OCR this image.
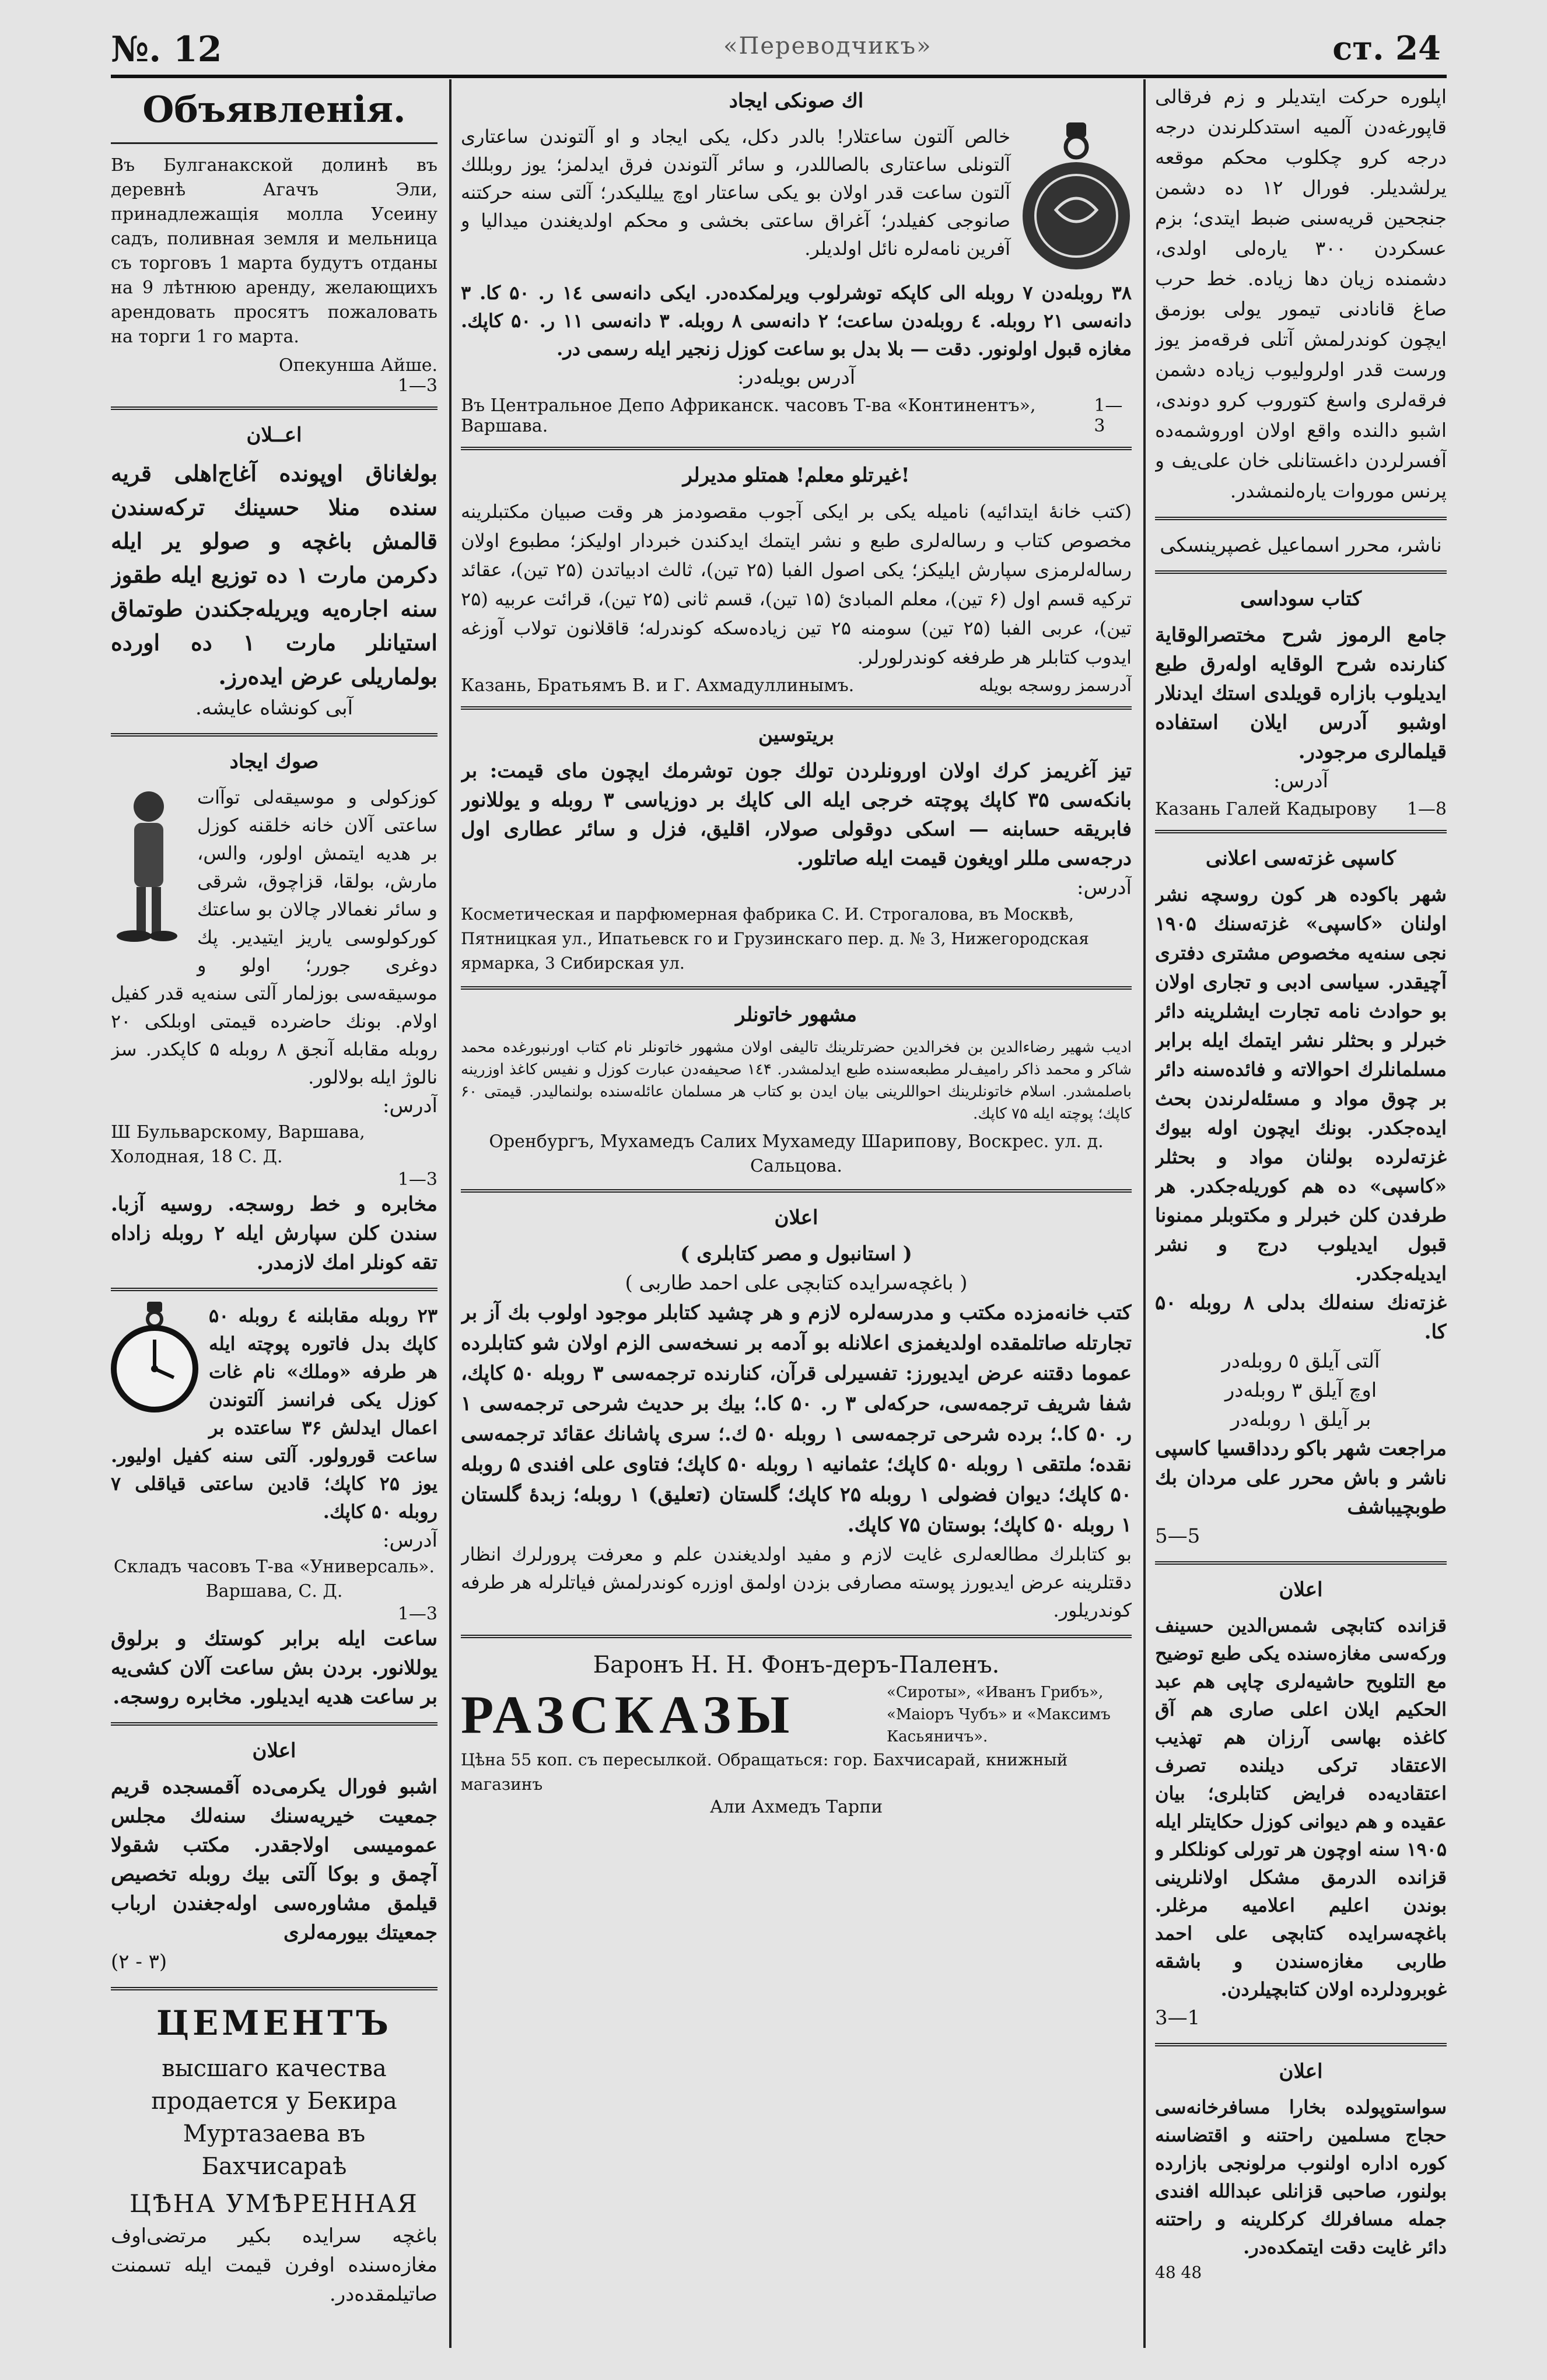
№. 12	«Переводчикъ»	ст. 24
Объявленія.
Въ Булганакской долинѣ въ деревнѣ Агачъ Эли, принадлежащія молла Усеину садъ, поливная земля и мельница съ торговъ 1 марта будутъ отданы на 9 лѣтнюю аренду, желающихъ арендовать просятъ пожаловать на торги 1 го марта.
Опекунша Айше.
1—3
اعــلان
بولغاناق اوپونده آغاج‌اهلی قریه‌ سنده منلا حسینك ترکه‌سندن قالمش باغچه و صولو یر ایله دکرمن مارت ۱ ده توزیع ایله طقوز سنه اجاره‌یه ویریله‌جکندن طوتماق استیانلر مارت ۱ ده اورده بولماریلی عرض ایده‌رز.
آبی کونشاه عایشه.
صوك ایجاد
کوزکولی و موسیقه‌لی توآات ساعتی آلان خانه خلقنه کوزل بر هدیه ایتمش اولور، والس، مارش، بولقا، قزاچوق، شرقی و سائر نغمالار چالان بو ساعتك کورکولوسی یاریز ایتیدیر. پك دوغری جورر؛ اولو و موسیقه‌سی بوزلمار آلتی سنه‌یه قدر کفیل اولام. بونك حاضرده قیمتی اوبلکی ۲۰ روبله مقابله آنجق ۸ روبله ۵ کاپکدر. سز نالوژ ایله بولالور.
آدرس:
Ш Бульварскому, Варшава, Холодная, 18 С. Д.
1—3
مخابره و خط روسجه. روسیه آزبا. سندن کلن سپارش ایله ۲ روبله زاداه تقه کونلر امك لازمدر.
۲۳ روبله مقابلنه ٤ روبله ۵۰ کاپك بدل فاتوره پوچته ایله هر طرفه «وملك» نام غات کوزل یکی فرانسز آلتوندن اعمال ایدلش ۳۶ ساعتده بر ساعت قورولور. آلتی سنه کفیل اولیور. یوز ۲۵ کاپك؛ قادین ساعتی قیاقلی ۷ روبله ۵۰ کاپك.
آدرس:
Складъ часовъ Т-ва «Универсаль». Варшава, С. Д.
1—3
ساعت ایله برابر کوستك و برلوق یوللانور. بردن بش ساعت آلان کشی‌یه بر ساعت هدیه ایدیلور. مخابره روسجه.
اعلان
اشبو فورال یکرمی‌ده آقمسجده قریم جمعیت خیریه‌سنك سنه‌لك مجلس عمومیسی اولاجقدر. مکتب شقولا آچمق و بوکا آلتی بیك روبله تخصیص قیلمق مشاوره‌سی اوله‌جغندن ارباب جمعیتك بیورمه‌لری
(۳ - ۲)
ЦЕМЕНТЪ
высшаго качества продается у Бекира Муртазаева въ Бахчисараѣ
ЦѢНА УМѢРЕННАЯ
باغچه سرایده بکیر مرتضی‌اوف مغازه‌سنده اوفرن قیمت ایله تسمنت صاتیلمقدەدر.
اك صونکی ایجاد
خالص آلتون ساعتلار! بالدر دكل، یکی ایجاد و او آلتوندن ساعتاری آلتونلی ساعتاری بالصاللدر، و سائر آلتوندن فرق ایدلمز؛ یوز روبللك آلتون ساعت قدر اولان بو یکی ساعتار اوچ ییللیكدر؛ آلتی سنه حرکتنه صانوجی کفیلدر؛ آغراق ساعتی بخشی و محکم اولدیغندن میدالیا و آفرین نامه‌لره نائل اولدیلر.
۳۸ روبلەدن ۷ روبلە الی کاپکه توشرلوب ویرلمکده‌در. ایکی دانه‌سی ۱٤ ر. ۵۰ کا. ۳ دانه‌سی ۲۱ روبله. ٤ روبله‌دن ساعت؛ ۲ دانه‌سی ۸ روبله. ۳ دانه‌سی ۱۱ ر. ۵۰ کاپك. مغازه قبول اولونور. دقت — بلا بدل بو ساعت کوزل زنجیر ایله رسمی در.
آدرس بویله‌در:
Въ Центральное Депо Африканск. часовъ Т-ва «Континентъ», Варшава.
1—3
غیرتلو معلم! همتلو مدیرلر!
(کتب خانه‌ٔ ایتدائیه) نامیله یکی بر ایکی آجوب مقصودمز هر وقت صبیان مکتبلرینه مخصوص کتاب و رساله‌لری طبع و نشر ایتمك ایدکندن خبردار اولیکز؛ مطبوع اولان رساله‌لرمزی سپارش ایلیکز؛ یکی اصول الفبا (۲۵ تین)، ثالث ادبیاتدن (۲۵ تین)، عقائد ترکیه قسم اول (۶ تین)، معلم المبادئ (۱۵ تین)، قسم ثانی (۲۵ تین)، قرائت عربیه (۲۵ تین)، عربی الفبا (۲۵ تین) سومنه ۲۵ تین زیادەسکه کوندرلە؛ قاقلانون تولاب آوزغه ایدوب کتابلر هر طرفغه کوندرلورلر.
Казань, Братьямъ В. и Г. Ахмадуллинымъ.	آدرسمز روسجه بویله
بریتوسین
تیز آغریمز کرك اولان اورونلردن تولك جون توشرمك ایچون مای قیمت: بر بانکه‌سی ۳۵ کاپك پوچته خرجی ایله الی کاپك بر دوزیاسی ۳ روبله و یوللانور فابریقه حسابنه — اسکی دوقولی صولار، اقلیق، فزل و سائر عطاری اول درجه‌سی مللر اویغون قیمت ایله صاتلور.
آدرس:
Косметическая и парфюмерная фабрика С. И. Строгалова, въ Москвѣ, Пятницкая ул., Ипатьевск го и Грузинскаго пер. д. № 3, Нижегородская ярмарка, 3 Сибирская ул.
مشهور خاتونلر
ادیب شهیر رضاءالدین بن فخرالدین حضرتلرینك تالیفی اولان مشهور خاتونلر نام کتاب اورنبورغده محمد شاکر و محمد ذاکر رامیف‌لر مطبعه‌سنده طبع ایدلمشدر. ۱٤۴ صحیفه‌دن عبارت کوزل و نفیس کاغذ اوزرینه باصلمشدر. اسلام خاتونلرینك احواللرینی بیان ایدن بو کتاب هر مسلمان عائله‌سنده بولنمالیدر. قیمتی ۶۰ کاپك؛ پوچته ایله ۷۵ کاپك.
Оренбургъ, Мухамедъ Салих Мухамеду Шарипову, Воскрес. ул. д. Сальцова.
اعلان
( استانبول و مصر کتابلری )
( باغچه‌سرایده کتابچی علی احمد طاربی )
کتب خانه‌مزده مکتب و مدرسه‌لره لازم و هر چشید کتابلر موجود اولوب بك آز بر تجارتله صاتلمقده اولدیغمزی اعلانله بو آدمه بر نسخه‌سی الزم اولان شو کتابلرده عموما دقتنه عرض ایدیورز: تفسیرلی قرآن، کنارنده ترجمه‌سی ۳ روبله ۵۰ کاپك، شفا شریف ترجمه‌سی، حرکه‌لی ۳ ر. ۵۰ کا.؛ بیك بر حدیث شرحی ترجمه‌سی ۱ ر. ۵۰ کا.؛ برده شرحی ترجمه‌سی ۱ روبله ۵۰ ك.؛ سری پاشانك عقائد ترجمه‌سی نقده؛ ملتقی ۱ روبله ۵۰ کاپك؛ عثمانیه ۱ روبله ۵۰ کاپك؛ فتاوی علی افندی ۵ روبله ۵۰ کاپك؛ دیوان فضولی ۱ روبله ۲۵ کاپك؛ گلستان (تعلیق) ۱ روبله؛ زبدهٔ گلستان ۱ روبله ۵۰ کاپك؛ بوستان ۷۵ کاپك.
بو کتابلرك مطالعه‌لری غایت لازم و مفید اولدیغندن علم و معرفت پرورلرك انظار دقتلرینه عرض ایدیورز پوسته مصارفی بزدن اولمق اوزره کوندرلمش فیاتلرله هر طرفه کوندریلور.
Баронъ Н. Н. Фонъ-деръ-Паленъ.
РАЗСКАЗЫ	«Сироты», «Иванъ Грибъ», «Маіоръ Чубъ» и «Максимъ Касьяничъ».
Цѣна 55 коп. съ пересылкой. Обращаться: гор. Бахчисарай, книжный магазинъ
Али Ахмедъ Тарпи
اپلوره حرکت ایتدیلر و زم فرقالی قاپورغه‌دن آلمیه استدکلرندن درجه درجه کرو چکلوب محکم موقعه یرلشدیلر. فورال ۱۲ ده دشمن جنجحین قریه‌سنی ضبط ایتدی؛ بزم عسکردن ۳۰۰ یارەلی اولدی، دشمنده زیان دها زیاده. خط حرب صاغ قانادنی تیمور یولی بوزمق ایچون کوندرلمش آتلی فرقه‌مز یوز ورست قدر اولرولیوب زیاده دشمن فرقه‌لری واسغ کتوروب کرو دوندی، اشبو دالنده واقع اولان اوروشمه‌ده آفسرلردن داغستانلی خان علی‌یف و پرنس موروات یاره‌لنمشدر.
ناشر، محرر اسماعیل غصپرینسکی
کتاب سوداسی
جامع الرموز شرح مختصرالوقایة کنارنده شرح الوقایه اوله‌رق طبع ایدیلوب بازاره قویلدی استك ایدنلار اوشبو آدرس ایلان استفاده قیلمالری مرجودر.
آدرس:
Казань Галей Кадырову 1—8
کاسپی غزته‌سی اعلانی
شهر باکوده هر کون روسچه نشر اولنان «کاسپی» غزته‌سنك ۱۹۰۵ نجی سنه‌یه مخصوص مشتری دفتری آچیقدر. سیاسی ادبی و تجاری اولان بو حوادث نامه تجارت ایشلرینه دائر خبرلر و بحثلر نشر ایتمك ایله برابر مسلمانلرك احوالاته و فائده‌سنه دائر بر چوق مواد و مسئله‌لرندن بحث ایده‌جکدر. بونك ایچون اوله بیوك غزته‌لرده بولنان مواد و بحثلر «کاسپی» ده هم کوریله‌جکدر. هر طرفدن کلن خبرلر و مکتوبلر ممنونا قبول ایدیلوب درج و نشر ایدیله‌جکدر.
غزته‌نك سنه‌لك بدلی ۸ روبله ۵۰ کا.
آلتی آیلق ٥ روبله‌در
اوچ آیلق ۳ روبله‌در
بر آیلق ۱ روبله‌در
مراجعت شهر باکو ردداقسیا کاسپی ناشر و باش محرر علی مردان بك طوبچیباشف
5—5
اعلان
قزانده کتابچی شمس‌الدین حسینف ورکه‌سی مغازەسنده یکی طبع توضیح مع التلویح حاشیه‌لری چاپی هم عبد الحکیم ایلان اعلی صاری هم آق کاغذه بهاسی آرزان هم تهذیب الاعتقاد ترکی دیلنده تصرف اعتقادیه‌ده فرایض کتابلری؛ بیان عقیده و هم دیوانی کوزل حکایتلر ایله ۱۹۰۵ سنه اوچون هر تورلی کونلکلر و قزانده الدرمق مشکل اولانلرینی بوندن اعلیم اعلامیه مرغلر. باغچه‌سرایده کتابچی علی احمد طاربی مغازه‌سندن و باشقه غوبرودلرده اولان کتابچیلردن.
1—3
اعلان
سواستوپولده بخارا مسافرخانه‌سی حجاج مسلمین راحتنه و اقتضاسنه کوره اداره اولنوب مرلونجی بازارده بولنور، صاحبی قزانلی عبدالله افندی جمله مسافرلك کرکلرینه و راحتنه دائر غایت دقت ایتمکده‌در.
48 48
